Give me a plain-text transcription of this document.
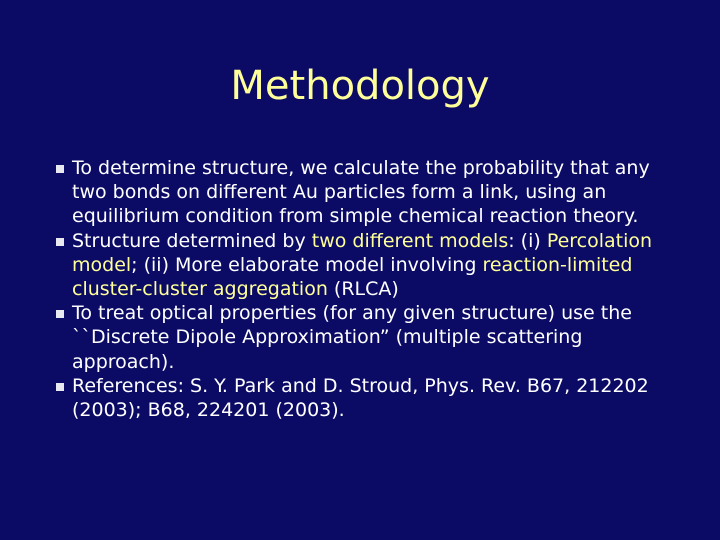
Methodology
To determine structure, we calculate the probability that any two bonds on different Au particles form a link, using an equilibrium condition from simple chemical reaction theory.
Structure determined by two different models: (i) Percolation model; (ii) More elaborate model involving reaction-limited cluster-cluster aggregation (RLCA)
To treat optical properties (for any given structure) use the ``Discrete Dipole Approximation” (multiple scattering approach).
References: S. Y. Park and D. Stroud, Phys. Rev. B67, 212202 (2003); B68, 224201 (2003).
